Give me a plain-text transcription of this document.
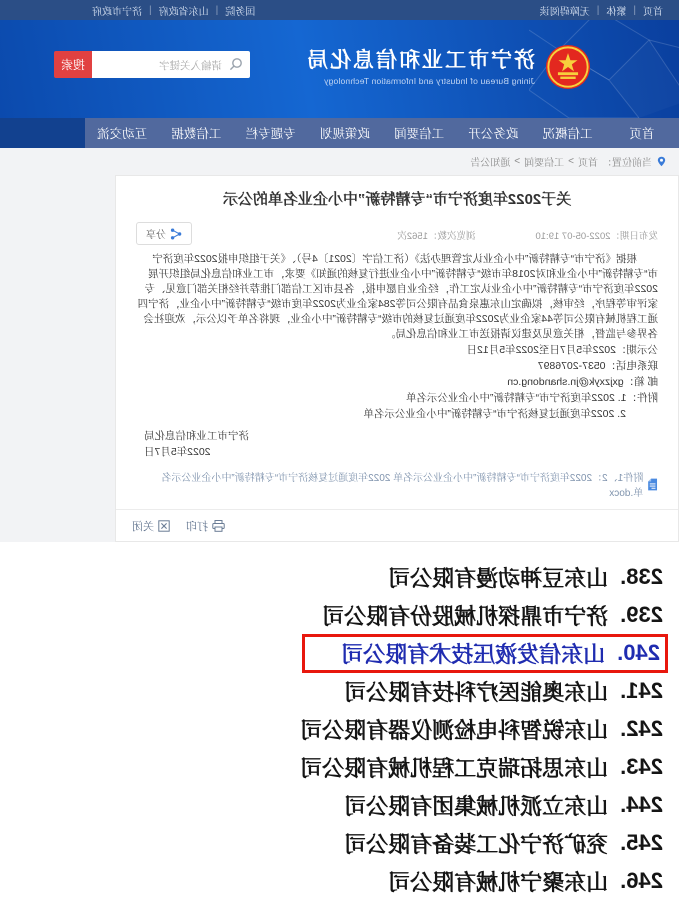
首页
|
繁体
|
无障碍阅读
国务院
|
山东省政府
|
济宁市政府
济宁市工业和信息化局
Jining Bureau of Industry and Information Technology
请输入关键字
搜索
首页
工信概况
政务公开
工信要闻
政策规划
专题专栏
工信数据
互动交流
当前位置：
首页
>
工信要闻
>
通知公告
关于2022年度济宁市“专精特新”中小企业名单的公示
发布日期：2022-05-07 19:10
浏览次数：1562次
分享

根据《济宁市“专精特新”中小企业认定管理办法》（济工信字〔2021〕4号）、《关于组织申报2022年度济宁市“专精特新”中小企业和对2018年市级“专精特新”中小企业进行复核的通知》要求，市工业和信息化局组织开展2022年度济宁市“专精特新”中小企业认定工作，经企业自愿申报，各县市区工信部门推荐并经相关部门意见、专家评审等程序，经审核，拟确定山东惠泉食品有限公司等284家企业为2022年度市级“专精特新”中小企业，济宁四通工程机械有限公司等44家企业为2022年度通过复核的市级“专精特新”中小企业，现将名单予以公示，欢迎社会各界参与监督，相关意见及建议请报送市工业和信息化局。

公示期：2022年5月7日至2022年5月12日
联系电话：0537-2076897
邮 箱：gxjzxyk@jn.shandong.cn
附件：1. 2022年度济宁市“专精特新”中小企业公示名单
2. 2022年度通过复核济宁市“专精特新”中小企业公示名单
济宁市工业和信息化局
2022年5月7日
附件1、2：2022年度济宁市“专精特新”中小企业公示名单 2022年度通过复核济宁市“专精特新”中小企业公示名单.docx
打印
关闭
238.
山东豆神动漫有限公司
239.
济宁市鼎探机械股份有限公司
240.
山东信发液压技术有限公司
241.
山东奥能医疗科技有限公司
242.
山东锐智科电检测仪器有限公司
243.
山东思拓瑞克工程机械有限公司
244.
山东立派机械集团有限公司
245.
兖矿济宁化工装备有限公司
246.
山东聚宁机械有限公司
